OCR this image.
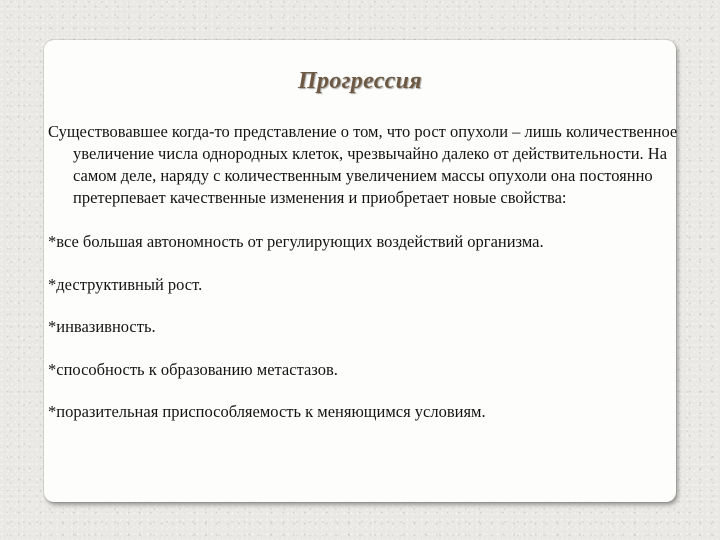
Прогрессия

Существовавшее когда-то представление о том, что рост опухоли – лишь количественное увеличение числа однородных клеток, чрезвычайно далеко от действительности. На самом деле, наряду с количественным увеличением массы опухоли она постоянно претерпевает качественные изменения и приобретает новые свойства:

*все большая автономность от регулирующих воздействий организма.
*деструктивный рост.
*инвазивность.
*способность к образованию метастазов.
*поразительная приспособляемость к меняющимся условиям.
